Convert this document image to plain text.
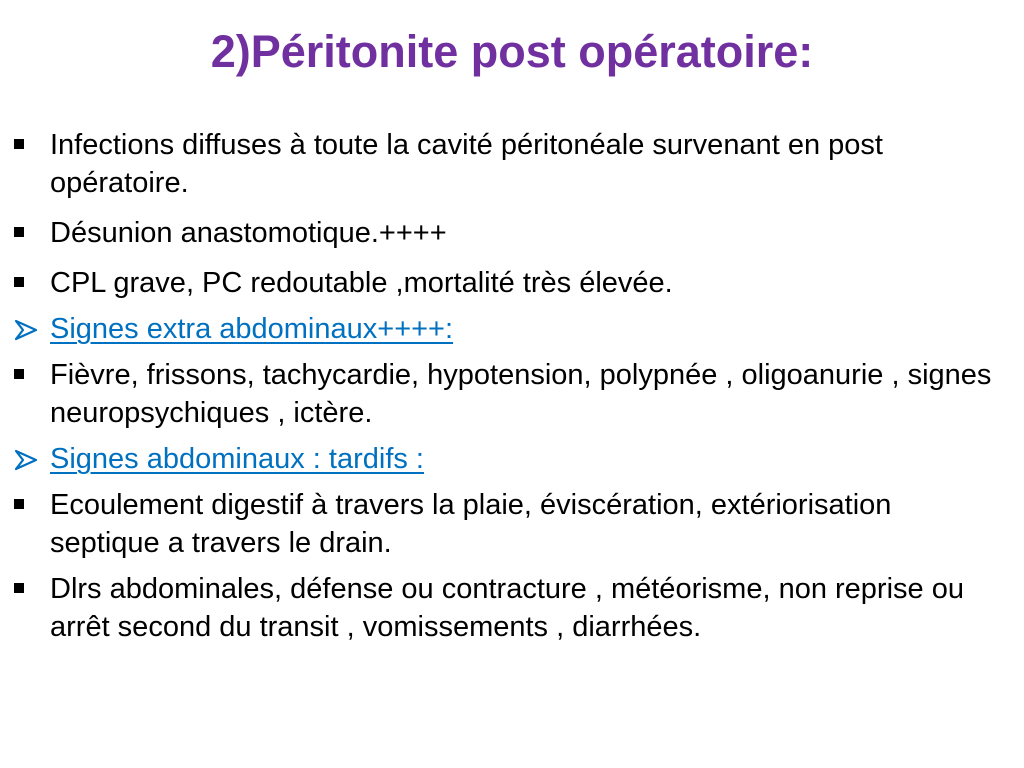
2)Péritonite post opératoire:
Infections diffuses à toute la cavité péritonéale survenant en post opératoire.
Désunion anastomotique.++++
CPL grave, PC redoutable ,mortalité très élevée.
Signes extra abdominaux++++:
Fièvre, frissons, tachycardie, hypotension, polypnée , oligoanurie , signes neuropsychiques , ictère.
Signes abdominaux : tardifs :
Ecoulement digestif à travers la plaie, éviscération, extériorisation septique a travers le drain.
Dlrs abdominales, défense ou contracture , météorisme, non reprise ou arrêt second du transit , vomissements , diarrhées.
